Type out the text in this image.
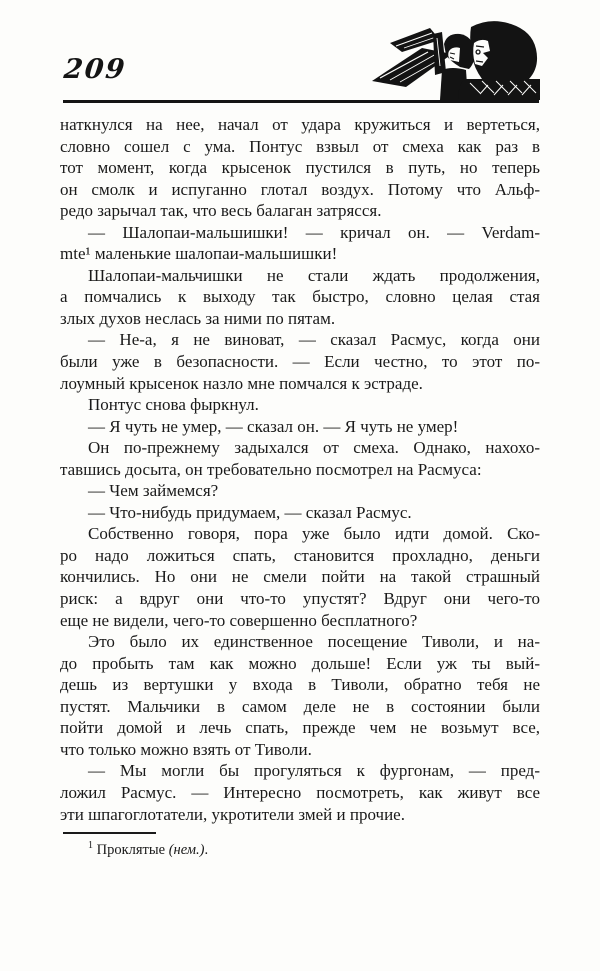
209
наткнулся на нее, начал от удара кружиться и вертеться,
словно сошел с ума. Понтус взвыл от смеха как раз в
тот момент, когда крысенок пустился в путь, но теперь
он смолк и испуганно глотал воздух. Потому что Альф-
редо зарычал так, что весь балаган затрясся.
— Шалопаи-мальшишки! — кричал он. — Verdam-
mte¹ маленькие шалопаи-мальшишки!
Шалопаи-мальчишки не стали ждать продолжения,
а помчались к выходу так быстро, словно целая стая
злых духов неслась за ними по пятам.
— Не-а, я не виноват, — сказал Расмус, когда они
были уже в безопасности. — Если честно, то этот по-
лоумный крысенок назло мне помчался к эстраде.
Понтус снова фыркнул.
— Я чуть не умер, — сказал он. — Я чуть не умер!
Он по-прежнему задыхался от смеха. Однако, нахохо-
тавшись досыта, он требовательно посмотрел на Расмуса:
— Чем займемся?
— Что-нибудь придумаем, — сказал Расмус.
Собственно говоря, пора уже было идти домой. Ско-
ро надо ложиться спать, становится прохладно, деньги
кончились. Но они не смели пойти на такой страшный
риск: а вдруг они что-то упустят? Вдруг они чего-то
еще не видели, чего-то совершенно бесплатного?
Это было их единственное посещение Тиволи, и на-
до пробыть там как можно дольше! Если уж ты вый-
дешь из вертушки у входа в Тиволи, обратно тебя не
пустят. Мальчики в самом деле не в состоянии были
пойти домой и лечь спать, прежде чем не возьмут все,
что только можно взять от Тиволи.
— Мы могли бы прогуляться к фургонам, — пред-
ложил Расмус. — Интересно посмотреть, как живут все
эти шпагоглотатели, укротители змей и прочие.
$^1$ Проклятые (нем.).
